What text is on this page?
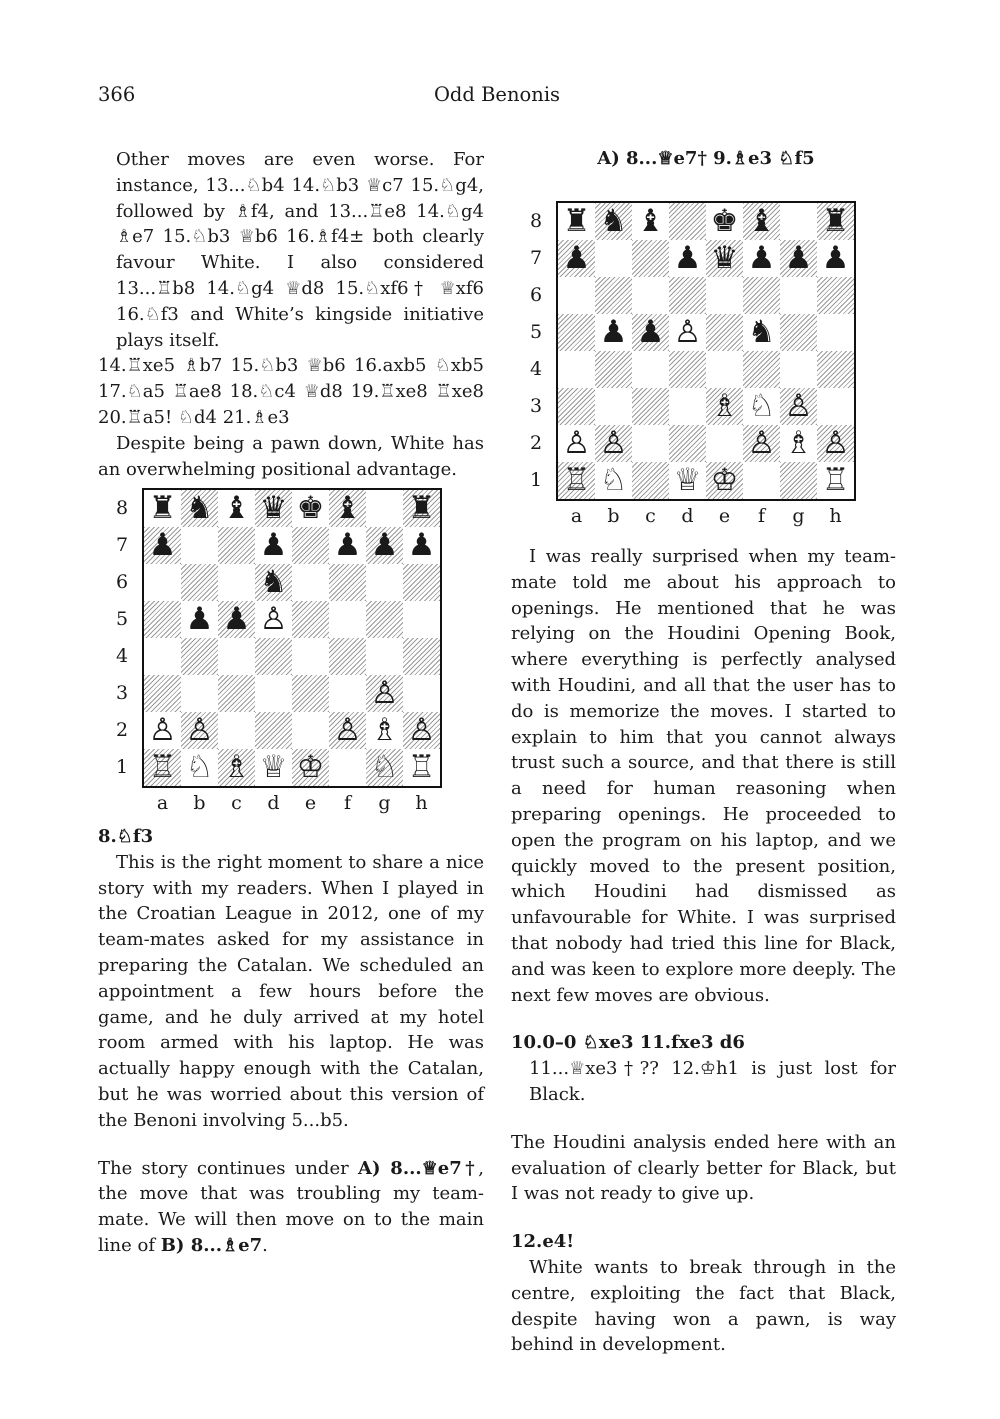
366	Odd Benonis

Other moves are even worse. For instance, 13...♘b4 14.♘b3 ♕c7 15.♘g4, followed by ♗f4, and 13...♖e8 14.♘g4 ♗e7 15.♘b3 ♕b6 16.♗f4± both clearly favour White. I also considered 13...♖b8 14.♘g4 ♕d8 15.♘xf6† ♕xf6 16.♘f3 and White’s kingside initiative plays itself.

14.♖xe5 ♗b7 15.♘b3 ♕b6 16.axb5 ♘xb5 17.♘a5 ♖ae8 18.♘c4 ♕d8 19.♖xe8 ♖xe8 20.♖a5! ♘d4 21.♗e3

Despite being a pawn down, White has an overwhelming positional advantage.

8.♘f3

This is the right moment to share a nice story with my readers. When I played in the Croatian League in 2012, one of my team-mates asked for my assistance in preparing the Catalan. We scheduled an appointment a few hours before the game, and he duly arrived at my hotel room armed with his laptop. He was actually happy enough with the Catalan, but he was worried about this version of the Benoni involving 5...b5.

The story continues under A) 8...♕e7†, the move that was troubling my team-mate. We will then move on to the main line of B) 8...♗e7.

A) 8...♕e7† 9.♗e3 ♘f5

I was really surprised when my team-mate told me about his approach to openings. He mentioned that he was relying on the Houdini Opening Book, where everything is perfectly analysed with Houdini, and all that the user has to do is memorize the moves. I started to explain to him that you cannot always trust such a source, and that there is still a need for human reasoning when preparing openings. He proceeded to open the program on his laptop, and we quickly moved to the present position, which Houdini had dismissed as unfavourable for White. I was surprised that nobody had tried this line for Black, and was keen to explore more deeply. The next few moves are obvious.

10.0–0 ♘xe3 11.fxe3 d6

11...♕xe3†?? 12.♔h1 is just lost for Black.

The Houdini analysis ended here with an evaluation of clearly better for Black, but I was not ready to give up.

12.e4!

White wants to break through in the centre, exploiting the fact that Black, despite having won a pawn, is way behind in development.

♜ ♞ ♝ ♛ ♚ ♝ ♜
♟	♟ ♟ ♟ ♟
♞
♟ ♟ ♙
♙
♙ ♙	♙ ♗ ♙
♖ ♘ ♗ ♕ ♔ ♘ ♖
8
7
6
5
4
3
2
1
a	b	c	d	e	f	g	h
♜ ♞ ♝ ♚ ♝ ♜
♟	♟ ♛ ♟ ♟ ♟
♟ ♟ ♙ ♞
♗ ♘ ♙
♙ ♙	♙ ♗ ♙
♖ ♘ ♕ ♔	♖
8
7
6
5
4
3
2
1
a	b	c	d	e	f	g	h
